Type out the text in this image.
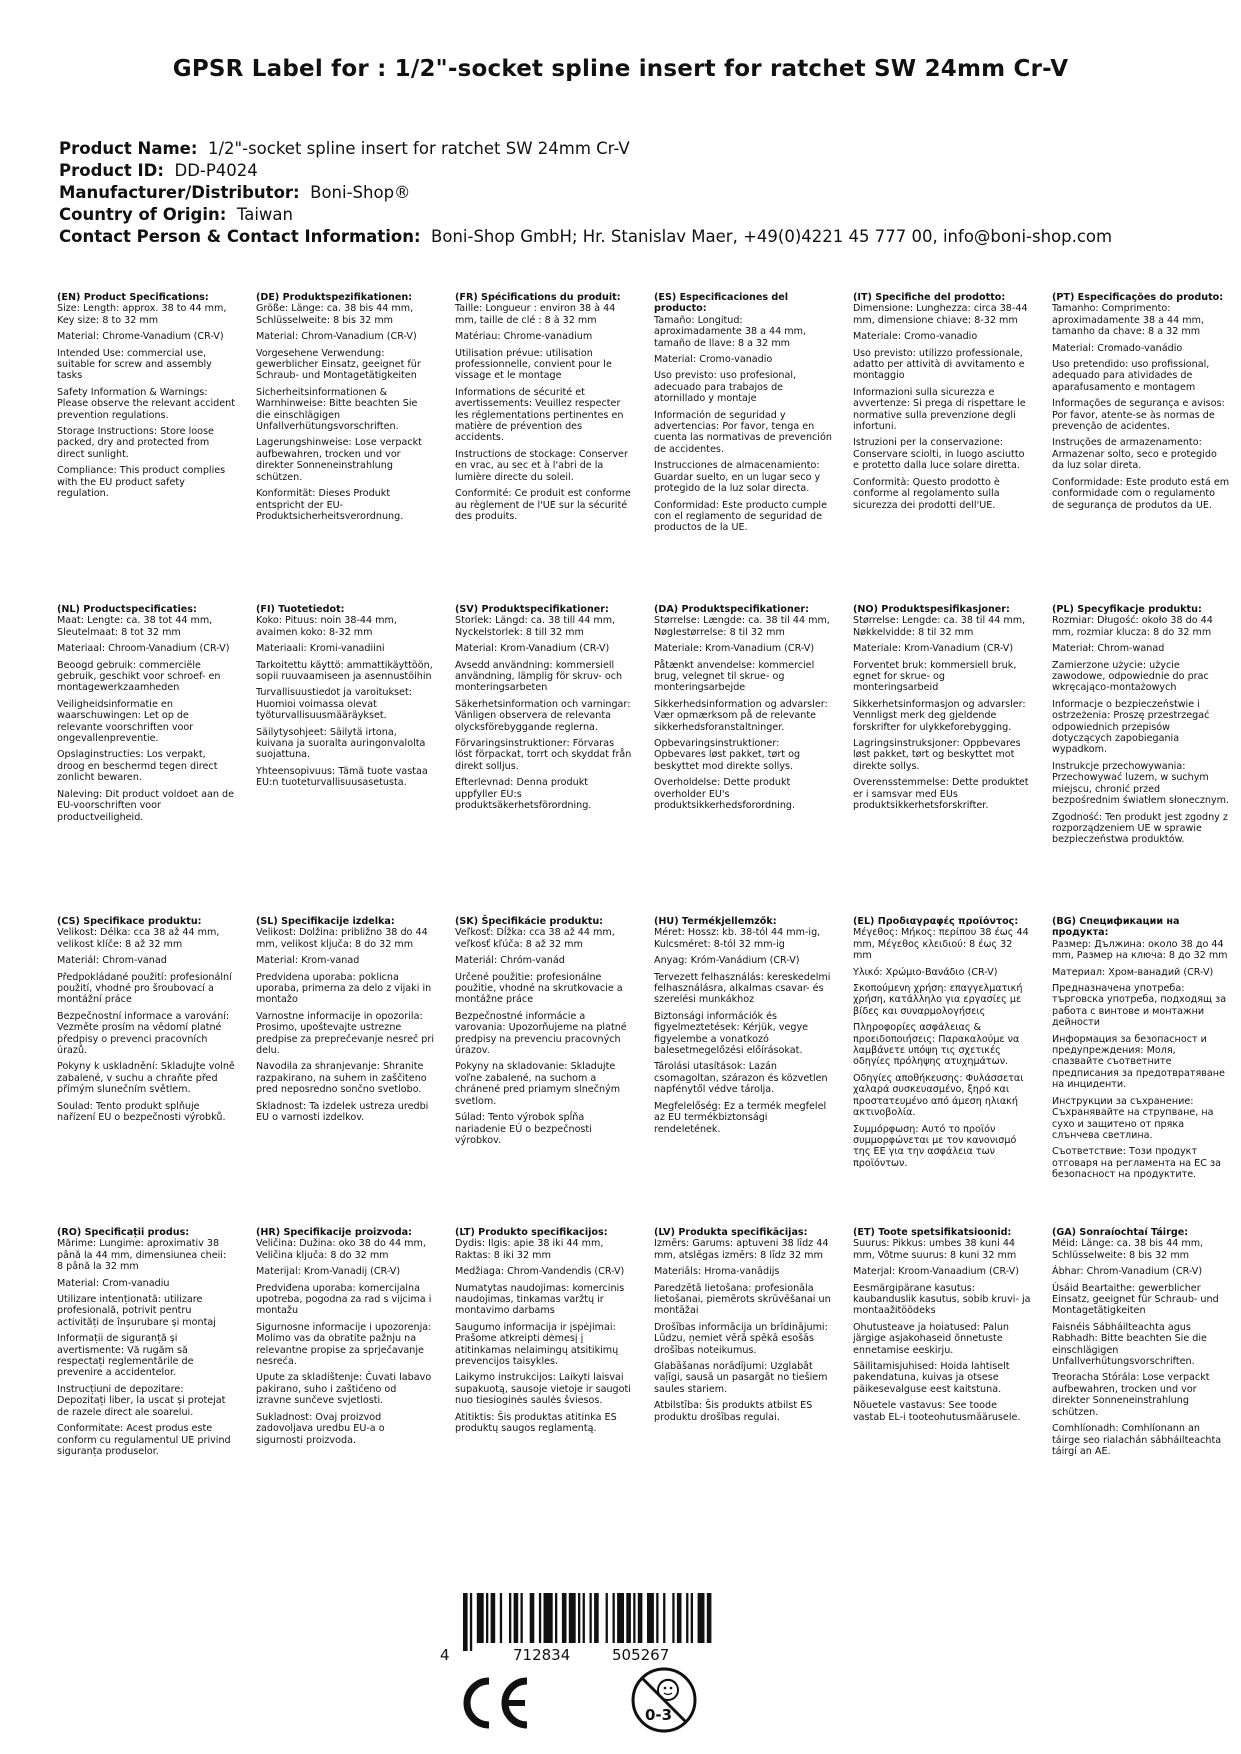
GPSR Label for : 1/2"-socket spline insert for ratchet SW 24mm Cr-V
Product Name: 1/2"-socket spline insert for ratchet SW 24mm Cr-V
Product ID: DD-P4024
Manufacturer/Distributor: Boni-Shop®
Country of Origin: Taiwan
Contact Person & Contact Information: Boni-Shop GmbH; Hr. Stanislav Maer, +49(0)4221 45 777 00, info@boni-shop.com
(EN) Product Specifications:
Size: Length: approx. 38 to 44 mm, Key size: 8 to 32 mm
Material: Chrome-Vanadium (CR-V)
Intended Use: commercial use, suitable for screw and assembly tasks
Safety Information & Warnings: Please observe the relevant accident prevention regulations.
Storage Instructions: Store loose packed, dry and protected from direct sunlight.
Compliance: This product complies with the EU product safety regulation.
(DE) Produktspezifikationen:
Größe: Länge: ca. 38 bis 44 mm, Schlüsselweite: 8 bis 32 mm
Material: Chrom-Vanadium (CR-V)
Vorgesehene Verwendung: gewerblicher Einsatz, geeignet für Schraub- und Montagetätigkeiten
Sicherheitsinformationen & Warnhinweise: Bitte beachten Sie die einschlägigen Unfallverhütungsvorschriften.
Lagerungshinweise: Lose verpackt aufbewahren, trocken und vor direkter Sonneneinstrahlung schützen.
Konformität: Dieses Produkt entspricht der EU-Produktsicherheitsverordnung.
(FR) Spécifications du produit:
Taille: Longueur : environ 38 à 44 mm, taille de clé : 8 à 32 mm
Matériau: Chrome-vanadium
Utilisation prévue: utilisation professionnelle, convient pour le vissage et le montage
Informations de sécurité et avertissements: Veuillez respecter les réglementations pertinentes en matière de prévention des accidents.
Instructions de stockage: Conserver en vrac, au sec et à l'abri de la lumière directe du soleil.
Conformité: Ce produit est conforme au règlement de l'UE sur la sécurité des produits.
(ES) Especificaciones del producto:
Tamaño: Longitud: aproximadamente 38 a 44 mm, tamaño de llave: 8 a 32 mm
Material: Cromo-vanadio
Uso previsto: uso profesional, adecuado para trabajos de atornillado y montaje
Información de seguridad y advertencias: Por favor, tenga en cuenta las normativas de prevención de accidentes.
Instrucciones de almacenamiento: Guardar suelto, en un lugar seco y protegido de la luz solar directa.
Conformidad: Este producto cumple con el reglamento de seguridad de productos de la UE.
(IT) Specifiche del prodotto:
Dimensione: Lunghezza: circa 38-44 mm, dimensione chiave: 8-32 mm
Materiale: Cromo-vanadio
Uso previsto: utilizzo professionale, adatto per attività di avvitamento e montaggio
Informazioni sulla sicurezza e avvertenze: Si prega di rispettare le normative sulla prevenzione degli infortuni.
Istruzioni per la conservazione: Conservare sciolti, in luogo asciutto e protetto dalla luce solare diretta.
Conformità: Questo prodotto è conforme al regolamento sulla sicurezza dei prodotti dell'UE.
(PT) Especificações do produto:
Tamanho: Comprimento: aproximadamente 38 a 44 mm, tamanho da chave: 8 a 32 mm
Material: Cromado-vanádio
Uso pretendido: uso profissional, adequado para atividades de aparafusamento e montagem
Informações de segurança e avisos: Por favor, atente-se às normas de prevenção de acidentes.
Instruções de armazenamento: Armazenar solto, seco e protegido da luz solar direta.
Conformidade: Este produto está em conformidade com o regulamento de segurança de produtos da UE.
(NL) Productspecificaties:
Maat: Lengte: ca. 38 tot 44 mm, Sleutelmaat: 8 tot 32 mm
Materiaal: Chroom-Vanadium (CR-V)
Beoogd gebruik: commerciële gebruik, geschikt voor schroef- en montagewerkzaamheden
Veiligheidsinformatie en waarschuwingen: Let op de relevante voorschriften voor ongevallenpreventie.
Opslaginstructies: Los verpakt, droog en beschermd tegen direct zonlicht bewaren.
Naleving: Dit product voldoet aan de EU-voorschriften voor productveiligheid.
(FI) Tuotetiedot:
Koko: Pituus: noin 38-44 mm, avaimen koko: 8-32 mm
Materiaali: Kromi-vanadiini
Tarkoitettu käyttö: ammattikäyttöön, sopii ruuvaamiseen ja asennustöihin
Turvallisuustiedot ja varoitukset: Huomioi voimassa olevat työturvallisuusmääräykset.
Säilytysohjeet: Säilytä irtona, kuivana ja suoralta auringonvalolta suojattuna.
Yhteensopivuus: Tämä tuote vastaa EU:n tuoteturvallisuusasetusta.
(SV) Produktspecifikationer:
Storlek: Längd: ca. 38 till 44 mm, Nyckelstorlek: 8 till 32 mm
Material: Krom-Vanadium (CR-V)
Avsedd användning: kommersiell användning, lämplig för skruv- och monteringsarbeten
Säkerhetsinformation och varningar: Vänligen observera de relevanta olycksförebyggande reglerna.
Förvaringsinstruktioner: Förvaras löst förpackat, torrt och skyddat från direkt solljus.
Efterlevnad: Denna produkt uppfyller EU:s produktsäkerhetsförordning.
(DA) Produktspecifikationer:
Størrelse: Længde: ca. 38 til 44 mm, Nøglestørrelse: 8 til 32 mm
Materiale: Krom-Vanadium (CR-V)
Påtænkt anvendelse: kommerciel brug, velegnet til skrue- og monteringsarbejde
Sikkerhedsinformation og advarsler: Vær opmærksom på de relevante sikkerhedsforanstaltninger.
Opbevaringsinstruktioner: Opbevares løst pakket, tørt og beskyttet mod direkte sollys.
Overholdelse: Dette produkt overholder EU's produktsikkerhedsforordning.
(NO) Produktspesifikasjoner:
Størrelse: Lengde: ca. 38 til 44 mm, Nøkkelvidde: 8 til 32 mm
Materiale: Krom-Vanadium (CR-V)
Forventet bruk: kommersiell bruk, egnet for skrue- og monteringsarbeid
Sikkerhetsinformasjon og advarsler: Vennligst merk deg gjeldende forskrifter for ulykkeforebygging.
Lagringsinstruksjoner: Oppbevares løst pakket, tørt og beskyttet mot direkte sollys.
Overensstemmelse: Dette produktet er i samsvar med EUs produktsikkerhetsforskrifter.
(PL) Specyfikacje produktu:
Rozmiar: Długość: około 38 do 44 mm, rozmiar klucza: 8 do 32 mm
Materiał: Chrom-wanad
Zamierzone użycie: użycie zawodowe, odpowiednie do prac wkręcająco-montażowych
Informacje o bezpieczeństwie i ostrzeżenia: Proszę przestrzegać odpowiednich przepisów dotyczących zapobiegania wypadkom.
Instrukcje przechowywania: Przechowywać luzem, w suchym miejscu, chronić przed bezpośrednim światłem słonecznym.
Zgodność: Ten produkt jest zgodny z rozporządzeniem UE w sprawie bezpieczeństwa produktów.
(CS) Specifikace produktu:
Velikost: Délka: cca 38 až 44 mm, velikost klíče: 8 až 32 mm
Materiál: Chrom-vanad
Předpokládané použití: profesionální použití, vhodné pro šroubovací a montážní práce
Bezpečnostní informace a varování: Vezměte prosím na vědomí platné předpisy o prevenci pracovních úrazů.
Pokyny k uskladnění: Skladujte volně zabalené, v suchu a chraňte před přímým slunečním světlem.
Soulad: Tento produkt splňuje nařízení EU o bezpečnosti výrobků.
(SL) Specifikacije izdelka:
Velikost: Dolžina: približno 38 do 44 mm, velikost ključa: 8 do 32 mm
Material: Krom-vanad
Predvidena uporaba: poklicna uporaba, primerna za delo z vijaki in montažo
Varnostne informacije in opozorila: Prosimo, upoštevajte ustrezne predpise za preprečevanje nesreč pri delu.
Navodila za shranjevanje: Shranite razpakirano, na suhem in zaščiteno pred neposredno sončno svetlobo.
Skladnost: Ta izdelek ustreza uredbi EU o varnosti izdelkov.
(SK) Špecifikácie produktu:
Veľkosť: Dĺžka: cca 38 až 44 mm, veľkosť kľúča: 8 až 32 mm
Materiál: Chróm-vanád
Určené použitie: profesionálne použitie, vhodné na skrutkovacie a montážne práce
Bezpečnostné informácie a varovania: Upozorňujeme na platné predpisy na prevenciu pracovných úrazov.
Pokyny na skladovanie: Skladujte voľne zabalené, na suchom a chránené pred priamym slnečným svetlom.
Súlad: Tento výrobok spĺňa nariadenie EÚ o bezpečnosti výrobkov.
(HU) Termékjellemzők:
Méret: Hossz: kb. 38-tól 44 mm-ig, Kulcsméret: 8-tól 32 mm-ig
Anyag: Króm-Vanádium (CR-V)
Tervezett felhasználás: kereskedelmi felhasználásra, alkalmas csavar- és szerelési munkákhoz
Biztonsági információk és figyelmeztetések: Kérjük, vegye figyelembe a vonatkozó balesetmegelőzési előírásokat.
Tárolási utasítások: Lazán csomagoltan, szárazon és közvetlen napfénytől védve tárolja.
Megfelelőség: Ez a termék megfelel az EU termékbiztonsági rendeletének.
(EL) Προδιαγραφές προϊόντος:
Μέγεθος: Μήκος: περίπου 38 έως 44 mm, Μέγεθος κλειδιού: 8 έως 32 mm
Υλικό: Χρώμιο-Βανάδιο (CR-V)
Σκοπούμενη χρήση: επαγγελματική χρήση, κατάλληλο για εργασίες με βίδες και συναρμολογήσεις
Πληροφορίες ασφάλειας & προειδοποιήσεις: Παρακαλούμε να λαμβάνετε υπόψη τις σχετικές οδηγίες πρόληψης ατυχημάτων.
Οδηγίες αποθήκευσης: Φυλάσσεται χαλαρά συσκευασμένο, ξηρό και προστατευμένο από άμεση ηλιακή ακτινοβολία.
Συμμόρφωση: Αυτό το προϊόν συμμορφώνεται με τον κανονισμό της ΕΕ για την ασφάλεια των προϊόντων.
(BG) Спецификации на продукта:
Размер: Дължина: около 38 до 44 mm, Размер на ключа: 8 до 32 mm
Материал: Хром-ванадий (CR-V)
Предназначена употреба: търговска употреба, подходящ за работа с винтове и монтажни дейности
Информация за безопасност и предупреждения: Моля, спазвайте съответните предписания за предотвратяване на инциденти.
Инструкции за съхранение: Съхранявайте на струпване, на сухо и защитено от пряка слънчева светлина.
Съответствие: Този продукт отговаря на регламента на ЕС за безопасност на продуктите.
(RO) Specificații produs:
Mărime: Lungime: aproximativ 38 până la 44 mm, dimensiunea cheii: 8 până la 32 mm
Material: Crom-vanadiu
Utilizare intenționată: utilizare profesională, potrivit pentru activități de înșurubare și montaj
Informații de siguranță și avertismente: Vă rugăm să respectați reglementările de prevenire a accidentelor.
Instrucțiuni de depozitare: Depozitați liber, la uscat și protejat de razele direct ale soarelui.
Conformitate: Acest produs este conform cu regulamentul UE privind siguranța produselor.
(HR) Specifikacije proizvoda:
Veličina: Dužina: oko 38 do 44 mm, Veličina ključa: 8 do 32 mm
Materijal: Krom-Vanadij (CR-V)
Predviđena uporaba: komercijalna upotreba, pogodna za rad s vijcima i montažu
Sigurnosne informacije i upozorenja: Molimo vas da obratite pažnju na relevantne propise za sprječavanje nesreća.
Upute za skladištenje: Čuvati labavo pakirano, suho i zaštićeno od izravne sunčeve svjetlosti.
Sukladnost: Ovaj proizvod zadovoljava uredbu EU-a o sigurnosti proizvoda.
(LT) Produkto specifikacijos:
Dydis: Ilgis: apie 38 iki 44 mm, Raktas: 8 iki 32 mm
Medžiaga: Chrom-Vandendis (CR-V)
Numatytas naudojimas: komercinis naudojimas, tinkamas varžtų ir montavimo darbams
Saugumo informacija ir įspėjimai: Prašome atkreipti dėmesį į atitinkamas nelaimingų atsitikimų prevencijos taisykles.
Laikymo instrukcijos: Laikyti laisvai supakuotą, sausoje vietoje ir saugoti nuo tiesioginės saulės šviesos.
Atitiktis: Šis produktas atitinka ES produktų saugos reglamentą.
(LV) Produkta specifikācijas:
Izmērs: Garums: aptuveni 38 līdz 44 mm, atslēgas izmērs: 8 līdz 32 mm
Materiāls: Hroma-vanādijs
Paredzētā lietošana: profesionāla lietošanai, piemērots skrūvēšanai un montāžai
Drošības informācija un brīdinājumi: Lūdzu, ņemiet vērā spēkā esošās drošības noteikumus.
Glabāšanas norādījumi: Uzglabāt vaļīgi, sausā un pasargāt no tiešiem saules stariem.
Atbilstība: Šis produkts atbilst ES produktu drošības regulai.
(ET) Toote spetsifikatsioonid:
Suurus: Pikkus: umbes 38 kuni 44 mm, Võtme suurus: 8 kuni 32 mm
Materjal: Kroom-Vanaadium (CR-V)
Eesmärgipärane kasutus: kaubanduslik kasutus, sobib kruvi- ja montaažitöödeks
Ohutusteave ja hoiatused: Palun järgige asjakohaseid õnnetuste ennetamise eeskirju.
Säilitamisjuhised: Hoida lahtiselt pakendatuna, kuivas ja otsese päikesevalguse eest kaitstuna.
Nõuetele vastavus: See toode vastab EL-i tooteohutusmäärusele.
(GA) Sonraíochtaí Táirge:
Méid: Länge: ca. 38 bis 44 mm, Schlüsselweite: 8 bis 32 mm
Ábhar: Chrom-Vanadium (CR-V)
Úsáid Beartaithe: gewerblicher Einsatz, geeignet für Schraub- und Montagetätigkeiten
Faisnéis Sábháilteachta agus Rabhadh: Bitte beachten Sie die einschlägigen Unfallverhütungsvorschriften.
Treoracha Stórála: Lose verpackt aufbewahren, trocken und vor direkter Sonneneinstrahlung schützen.
Comhlíonadh: Comhlíonann an táirge seo rialachán sábháilteachta táirgí an AE.
4	712834	505267
0-3
